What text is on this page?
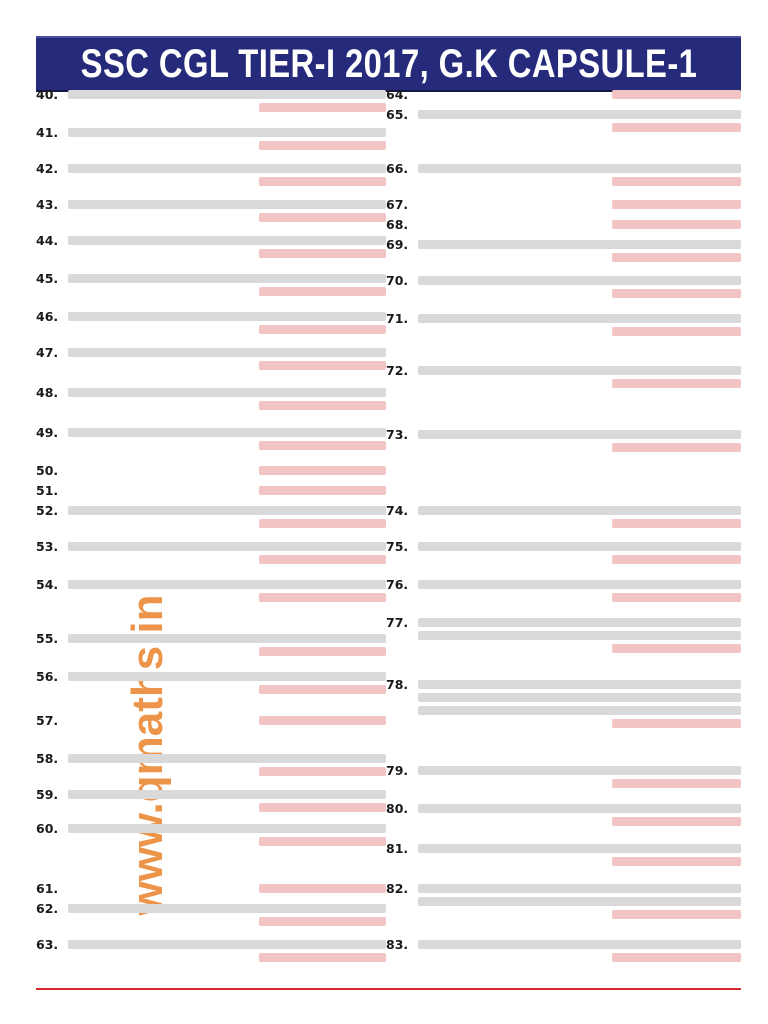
SSC CGL TIER-I 2017, G.K CAPSULE-1
40.
41.
42.
43.
44.
45.
46.
47.
48.
49.
50.
51.
52.
53.
54.
55.
56.
57.
58.
59.
60.
61.
62.
63.
64.
65.
66.
67.
68.
69.
70.
71.
72.
73.
74.
75.
76.
77.
78.
79.
80.
81.
82.
83.
